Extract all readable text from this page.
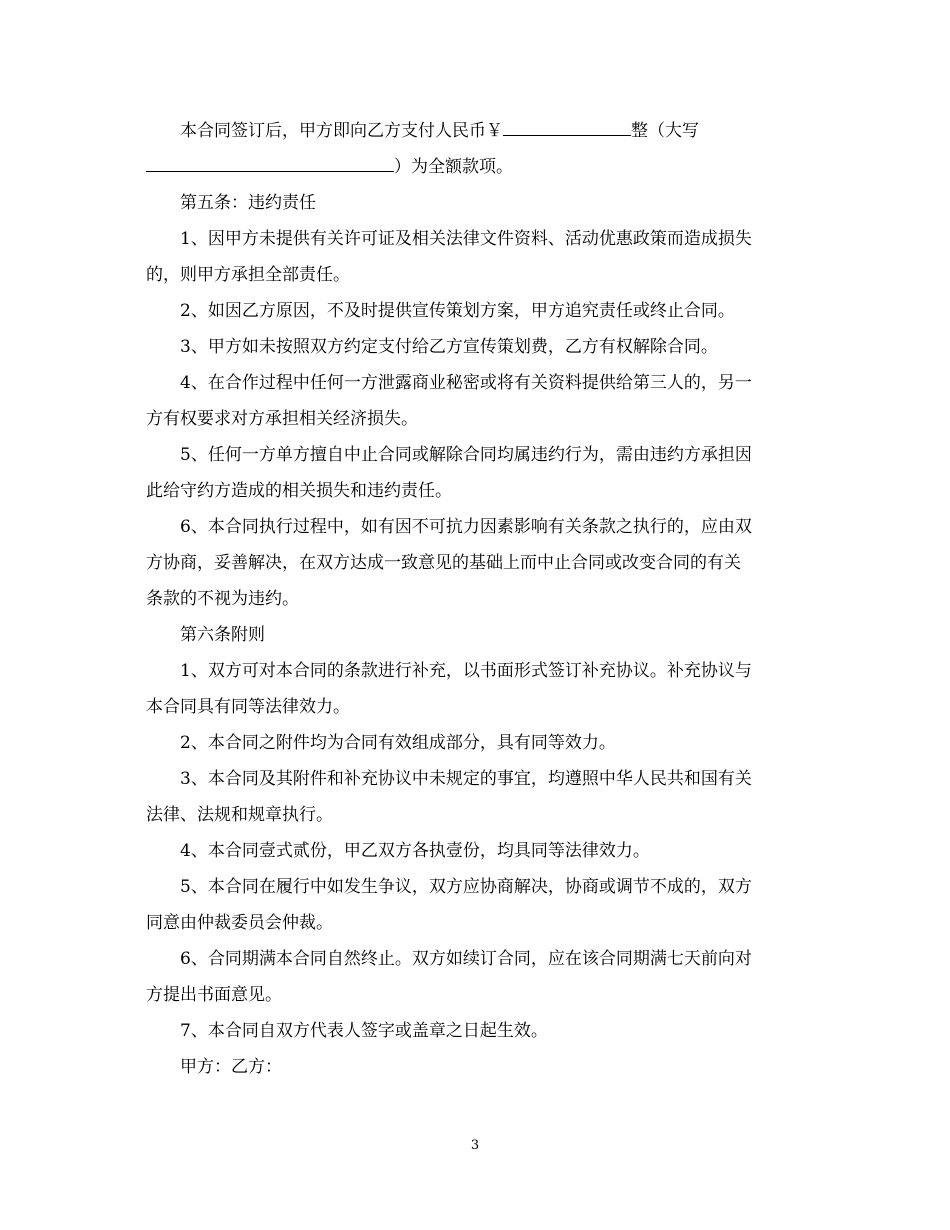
本合同签订后，甲方即向乙方支付人民币￥	整（大写
）为全额款项。
第五条：违约责任
1、因甲方未提供有关许可证及相关法律文件资料、活动优惠政策而造成损失
的，则甲方承担全部责任。
2、如因乙方原因，不及时提供宣传策划方案，甲方追究责任或终止合同。
3、甲方如未按照双方约定支付给乙方宣传策划费，乙方有权解除合同。
4、在合作过程中任何一方泄露商业秘密或将有关资料提供给第三人的，另一
方有权要求对方承担相关经济损失。
5、任何一方单方擅自中止合同或解除合同均属违约行为，需由违约方承担因
此给守约方造成的相关损失和违约责任。
6、本合同执行过程中，如有因不可抗力因素影响有关条款之执行的，应由双
方协商，妥善解决，在双方达成一致意见的基础上而中止合同或改变合同的有关
条款的不视为违约。
第六条附则
1、双方可对本合同的条款进行补充，以书面形式签订补充协议。补充协议与
本合同具有同等法律效力。
2、本合同之附件均为合同有效组成部分，具有同等效力。
3、本合同及其附件和补充协议中未规定的事宜，均遵照中华人民共和国有关
法律、法规和规章执行。
4、本合同壹式贰份，甲乙双方各执壹份，均具同等法律效力。
5、本合同在履行中如发生争议，双方应协商解决，协商或调节不成的，双方
同意由仲裁委员会仲裁。
6、合同期满本合同自然终止。双方如续订合同，应在该合同期满七天前向对
方提出书面意见。
7、本合同自双方代表人签字或盖章之日起生效。
甲方：乙方：
3
